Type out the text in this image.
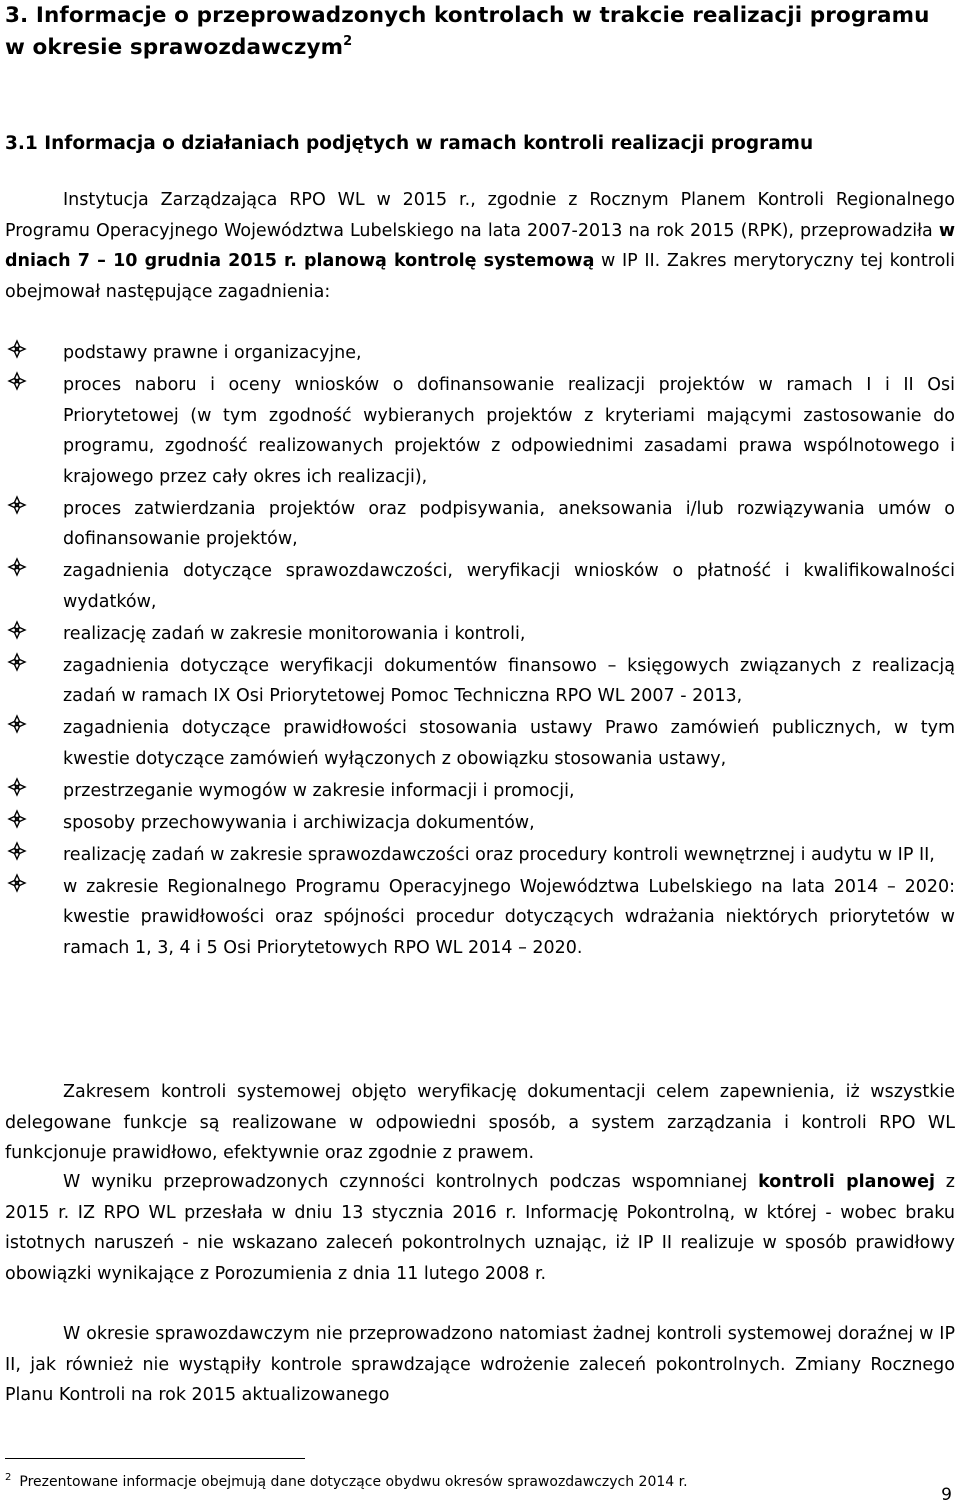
3. Informacje o przeprowadzonych kontrolach w trakcie realizacji programu w okresie sprawozdawczym$^2$
3.1 Informacja o działaniach podjętych w ramach kontroli realizacji programu

Instytucja Zarządzająca RPO WL w 2015 r., zgodnie z Rocznym Planem Kontroli Regionalnego Programu Operacyjnego Województwa Lubelskiego na lata 2007-2013 na rok 2015 (RPK), przeprowadziła w dniach 7 – 10 grudnia 2015 r. planową kontrolę systemową w IP II. Zakres merytoryczny tej kontroli obejmował następujące zagadnienia:

podstawy prawne i organizacyjne,
proces naboru i oceny wniosków o dofinansowanie realizacji projektów w ramach I i II Osi Priorytetowej (w tym zgodność wybieranych projektów z kryteriami mającymi zastosowanie do programu, zgodność realizowanych projektów z odpowiednimi zasadami prawa wspólnotowego i krajowego przez cały okres ich realizacji),
proces zatwierdzania projektów oraz podpisywania, aneksowania i/lub rozwiązywania umów o dofinansowanie projektów,
zagadnienia dotyczące sprawozdawczości, weryfikacji wniosków o płatność i kwalifikowalności wydatków,
realizację zadań w zakresie monitorowania i kontroli,
zagadnienia dotyczące weryfikacji dokumentów finansowo – księgowych związanych z realizacją zadań w ramach IX Osi Priorytetowej Pomoc Techniczna RPO WL 2007 - 2013,
zagadnienia dotyczące prawidłowości stosowania ustawy Prawo zamówień publicznych, w tym kwestie dotyczące zamówień wyłączonych z obowiązku stosowania ustawy,
przestrzeganie wymogów w zakresie informacji i promocji,
sposoby przechowywania i archiwizacja dokumentów,
realizację zadań w zakresie sprawozdawczości oraz procedury kontroli wewnętrznej i audytu w IP II,
w zakresie Regionalnego Programu Operacyjnego Województwa Lubelskiego na lata 2014 – 2020: kwestie prawidłowości oraz spójności procedur dotyczących wdrażania niektórych priorytetów w ramach 1, 3, 4 i 5 Osi Priorytetowych RPO WL 2014 – 2020.

Zakresem kontroli systemowej objęto weryfikację dokumentacji celem zapewnienia, iż wszystkie delegowane funkcje są realizowane w odpowiedni sposób, a system zarządzania i kontroli RPO WL funkcjonuje prawidłowo, efektywnie oraz zgodnie z prawem.

W wyniku przeprowadzonych czynności kontrolnych podczas wspomnianej kontroli planowej z 2015 r. IZ RPO WL przesłała w dniu 13 stycznia 2016 r. Informację Pokontrolną, w której - wobec braku istotnych naruszeń - nie wskazano zaleceń pokontrolnych uznając, iż IP II realizuje w sposób prawidłowy obowiązki wynikające z Porozumienia z dnia 11 lutego 2008 r.

W okresie sprawozdawczym nie przeprowadzono natomiast żadnej kontroli systemowej doraźnej w IP II, jak również nie wystąpiły kontrole sprawdzające wdrożenie zaleceń pokontrolnych. Zmiany Rocznego Planu Kontroli na rok 2015 aktualizowanego

$^2$ Prezentowane informacje obejmują dane dotyczące obydwu okresów sprawozdawczych 2014 r.
9
